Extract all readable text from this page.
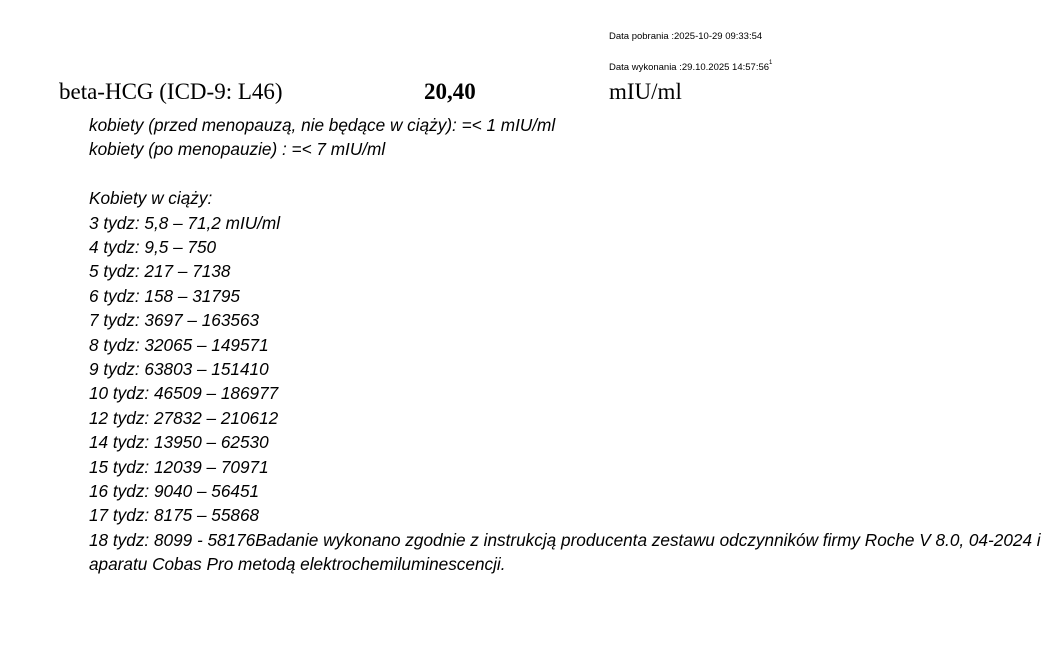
Data pobrania :2025-10-29 09:33:54
Data wykonania :29.10.2025 $14:57:56^1$
beta-HCG (ICD-9: L46)	20,40	mIU/ml
kobiety (przed menopauzą, nie będące w ciąży): =< 1 mIU/ml
kobiety (po menopauzie) : =< 7 mIU/ml
Kobiety w ciąży:
3 tydz: 5,8 – 71,2 mIU/ml
4 tydz: 9,5 – 750
5 tydz: 217 – 7138
6 tydz: 158 – 31795
7 tydz: 3697 – 163563
8 tydz: 32065 – 149571
9 tydz: 63803 – 151410
10 tydz: 46509 – 186977
12 tydz: 27832 – 210612
14 tydz: 13950 – 62530
15 tydz: 12039 – 70971
16 tydz: 9040 – 56451
17 tydz: 8175 – 55868
18 tydz: 8099 - 58176Badanie wykonano zgodnie z instrukcją producenta zestawu odczynników firmy Roche V 8.0, 04-2024 i aparatu Cobas Pro metodą elektrochemiluminescencji.
